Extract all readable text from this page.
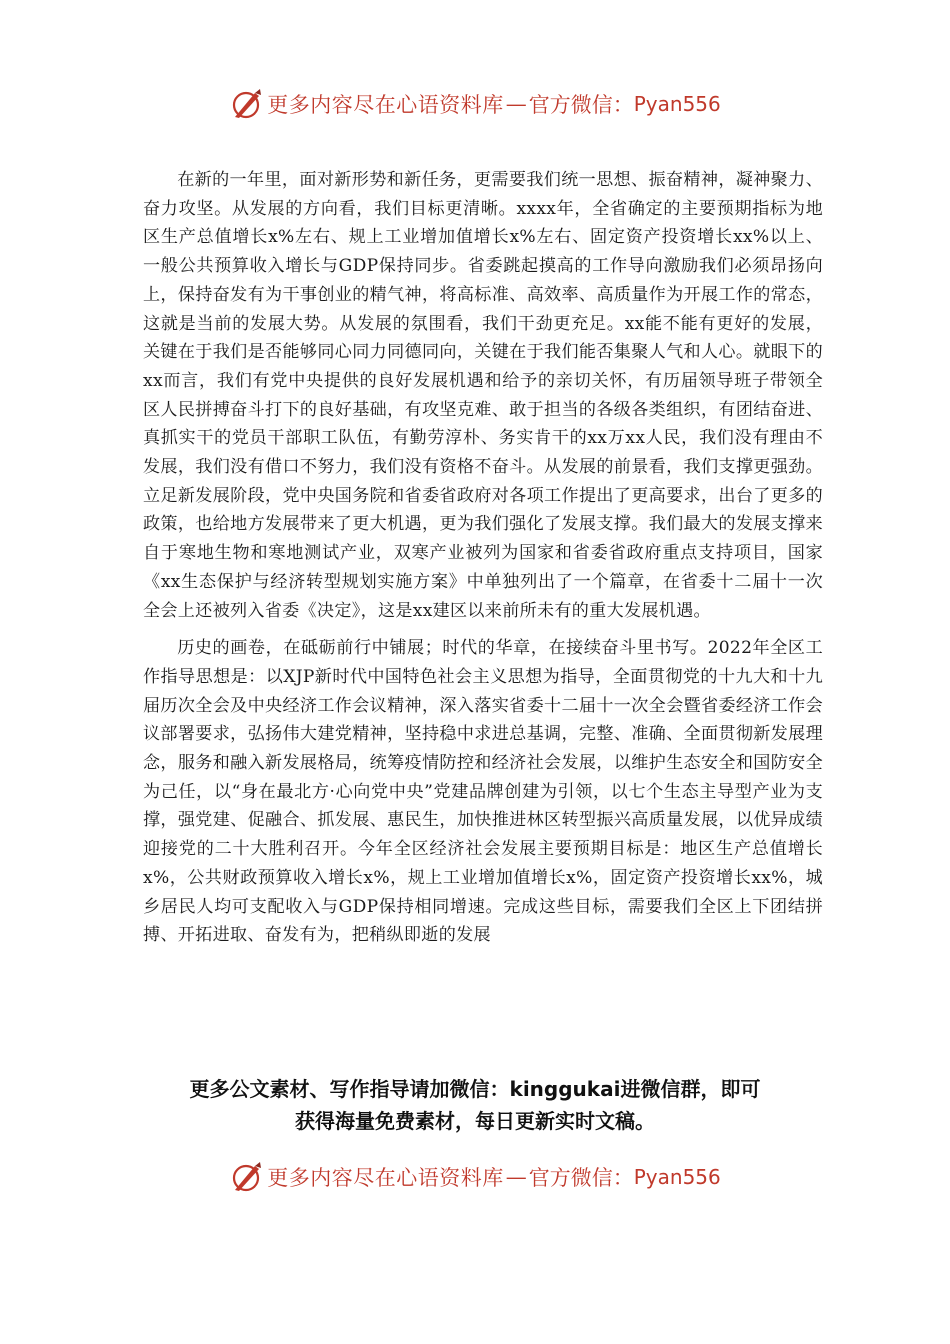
更多内容尽在心语资料库 — 官方微信： Pyan556

在新的一年里，面对新形势和新任务，更需要我们统一思想、振奋精神，凝神聚力、奋力攻坚。从发展的方向看，我们目标更清晰。xxxx年，全省确定的主要预期指标为地区生产总值增长x%左右、规上工业增加值增长x%左右、固定资产投资增长xx%以上、一般公共预算收入增长与GDP保持同步。省委跳起摸高的工作导向激励我们必须昂扬向上，保持奋发有为干事创业的精气神，将高标准、高效率、高质量作为开展工作的常态，这就是当前的发展大势。从发展的氛围看，我们干劲更充足。xx能不能有更好的发展，关键在于我们是否能够同心同力同德同向，关键在于我们能否集聚人气和人心。就眼下的xx而言，我们有党中央提供的良好发展机遇和给予的亲切关怀，有历届领导班子带领全区人民拼搏奋斗打下的良好基础，有攻坚克难、敢于担当的各级各类组织，有团结奋进、真抓实干的党员干部职工队伍，有勤劳淳朴、务实肯干的xx万xx人民，我们没有理由不发展，我们没有借口不努力，我们没有资格不奋斗。从发展的前景看，我们支撑更强劲。立足新发展阶段，党中央国务院和省委省政府对各项工作提出了更高要求，出台了更多的政策，也给地方发展带来了更大机遇，更为我们强化了发展支撑。我们最大的发展支撑来自于寒地生物和寒地测试产业，双寒产业被列为国家和省委省政府重点支持项目，国家《xx生态保护与经济转型规划实施方案》中单独列出了一个篇章，在省委十二届十一次全会上还被列入省委《决定》，这是xx建区以来前所未有的重大发展机遇。

历史的画卷，在砥砺前行中铺展；时代的华章，在接续奋斗里书写。2022年全区工作指导思想是：以XJP新时代中国特色社会主义思想为指导，全面贯彻党的十九大和十九届历次全会及中央经济工作会议精神，深入落实省委十二届十一次全会暨省委经济工作会议部署要求，弘扬伟大建党精神，坚持稳中求进总基调，完整、准确、全面贯彻新发展理念，服务和融入新发展格局，统筹疫情防控和经济社会发展，以维护生态安全和国防安全为己任，以“身在最北方·心向党中央”党建品牌创建为引领，以七个生态主导型产业为支撑，强党建、促融合、抓发展、惠民生，加快推进林区转型振兴高质量发展，以优异成绩迎接党的二十大胜利召开。今年全区经济社会发展主要预期目标是：地区生产总值增长x%，公共财政预算收入增长x%，规上工业增加值增长x%，固定资产投资增长xx%，城乡居民人均可支配收入与GDP保持相同增速。完成这些目标，需要我们全区上下团结拼搏、开拓进取、奋发有为，把稍纵即逝的发展

更多公文素材、写作指导请加微信：kinggukai进微信群，即可
获得海量免费素材，每日更新实时文稿。
更多内容尽在心语资料库 — 官方微信： Pyan556
